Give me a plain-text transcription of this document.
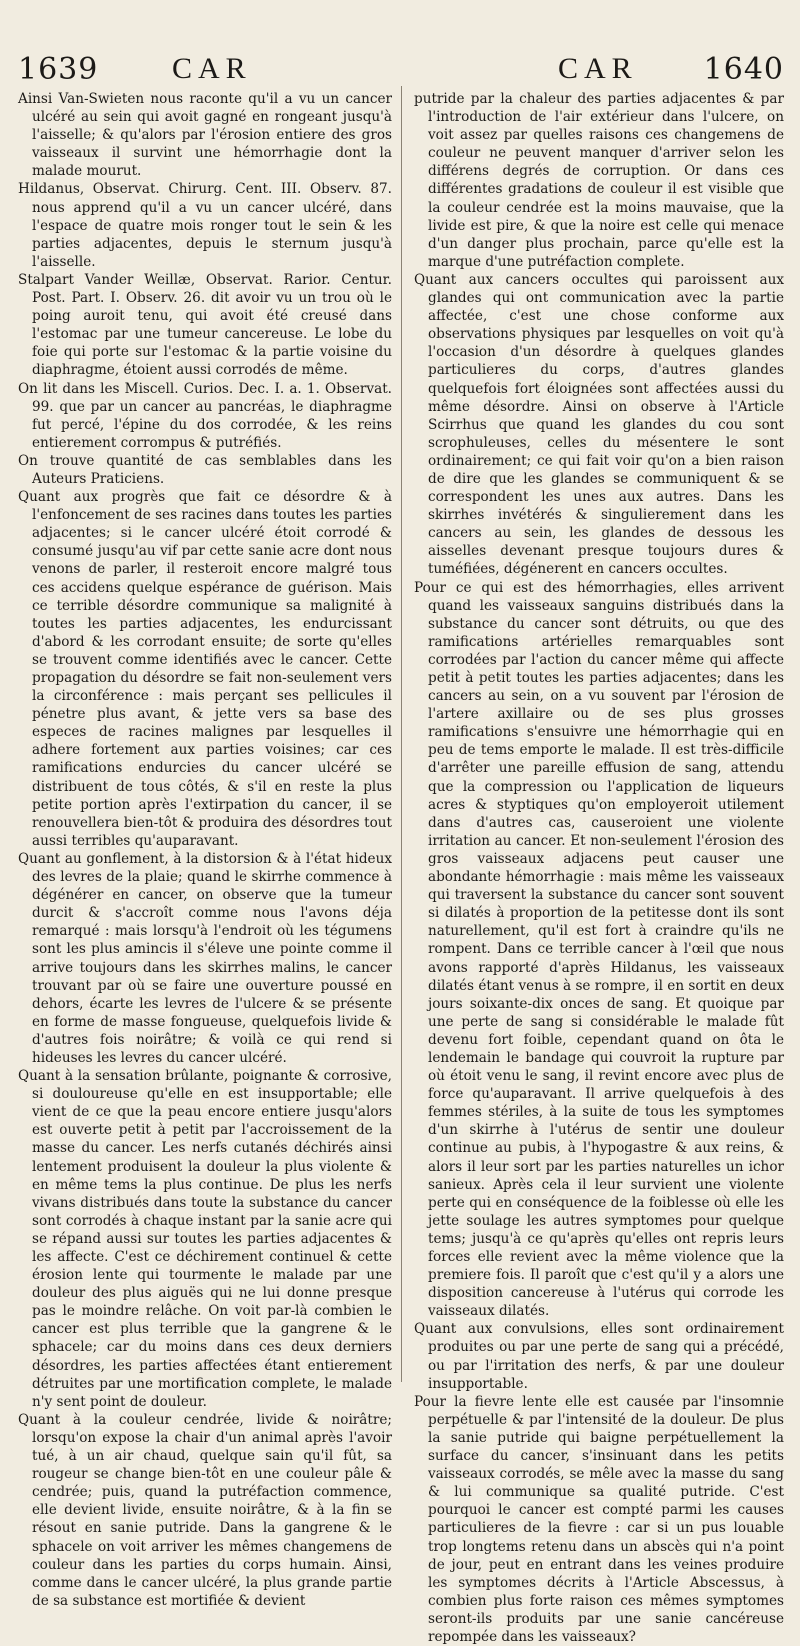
1639 CAR	CAR 1640

Ainsi Van-Swieten nous raconte qu'il a vu un cancer ulcéré au sein qui avoit gagné en rongeant jusqu'à l'aisselle; & qu'alors par l'érosion entiere des gros vaisseaux il survint une hémorrhagie dont la malade mourut.

Hildanus, Observat. Chirurg. Cent. III. Observ. 87. nous apprend qu'il a vu un cancer ulcéré, dans l'espace de quatre mois ronger tout le sein & les parties adjacentes, depuis le sternum jusqu'à l'aisselle.

Stalpart Vander Weillæ, Observat. Rarior. Centur. Post. Part. I. Observ. 26. dit avoir vu un trou où le poing auroit tenu, qui avoit été creusé dans l'estomac par une tumeur cancereuse. Le lobe du foie qui porte sur l'estomac & la partie voisine du diaphragme, étoient aussi corrodés de même.

On lit dans les Miscell. Curios. Dec. I. a. 1. Observat. 99. que par un cancer au pancréas, le diaphragme fut percé, l'épine du dos corrodée, & les reins entierement corrompus & putréfiés.

On trouve quantité de cas semblables dans les Auteurs Praticiens.

Quant aux progrès que fait ce désordre & à l'enfoncement de ses racines dans toutes les parties adjacentes; si le cancer ulcéré étoit corrodé & consumé jusqu'au vif par cette sanie acre dont nous venons de parler, il resteroit encore malgré tous ces accidens quelque espérance de guérison. Mais ce terrible désordre communique sa malignité à toutes les parties adjacentes, les endurcissant d'abord & les corrodant ensuite; de sorte qu'elles se trouvent comme identifiés avec le cancer. Cette propagation du désordre se fait non-seulement vers la circonférence : mais perçant ses pellicules il pénetre plus avant, & jette vers sa base des especes de racines malignes par lesquelles il adhere fortement aux parties voisines; car ces ramifications endurcies du cancer ulcéré se distribuent de tous côtés, & s'il en reste la plus petite portion après l'extirpation du cancer, il se renouvellera bien-tôt & produira des désordres tout aussi terribles qu'auparavant.

Quant au gonflement, à la distorsion & à l'état hideux des levres de la plaie; quand le skirrhe commence à dégénérer en cancer, on observe que la tumeur durcit & s'accroît comme nous l'avons déja remarqué : mais lorsqu'à l'endroit où les tégumens sont les plus amincis il s'éleve une pointe comme il arrive toujours dans les skirrhes malins, le cancer trouvant par où se faire une ouverture poussé en dehors, écarte les levres de l'ulcere & se présente en forme de masse fongueuse, quelquefois livide & d'autres fois noirâtre; & voilà ce qui rend si hideuses les levres du cancer ulcéré.

Quant à la sensation brûlante, poignante & corrosive, si douloureuse qu'elle en est insupportable; elle vient de ce que la peau encore entiere jusqu'alors est ouverte petit à petit par l'accroissement de la masse du cancer. Les nerfs cutanés déchirés ainsi lentement produisent la douleur la plus violente & en même tems la plus continue. De plus les nerfs vivans distribués dans toute la substance du cancer sont corrodés à chaque instant par la sanie acre qui se répand aussi sur toutes les parties adjacentes & les affecte. C'est ce déchirement continuel & cette érosion lente qui tourmente le malade par une douleur des plus aiguës qui ne lui donne presque pas le moindre relâche. On voit par-là combien le cancer est plus terrible que la gangrene & le sphacele; car du moins dans ces deux derniers désordres, les parties affectées étant entierement détruites par une mortification complete, le malade n'y sent point de douleur.

Quant à la couleur cendrée, livide & noirâtre; lorsqu'on expose la chair d'un animal après l'avoir tué, à un air chaud, quelque sain qu'il fût, sa rougeur se change bien-tôt en une couleur pâle & cendrée; puis, quand la putréfaction commence, elle devient livide, ensuite noirâtre, & à la fin se résout en sanie putride. Dans la gangrene & le sphacele on voit arriver les mêmes changemens de couleur dans les parties du corps humain. Ainsi, comme dans le cancer ulcéré, la plus grande partie de sa substance est mortifiée & devient

putride par la chaleur des parties adjacentes & par l'introduction de l'air extérieur dans l'ulcere, on voit assez par quelles raisons ces changemens de couleur ne peuvent manquer d'arriver selon les différens degrés de corruption. Or dans ces différentes gradations de couleur il est visible que la couleur cendrée est la moins mauvaise, que la livide est pire, & que la noire est celle qui menace d'un danger plus prochain, parce qu'elle est la marque d'une putréfaction complete.

Quant aux cancers occultes qui paroissent aux glandes qui ont communication avec la partie affectée, c'est une chose conforme aux observations physiques par lesquelles on voit qu'à l'occasion d'un désordre à quelques glandes particulieres du corps, d'autres glandes quelquefois fort éloignées sont affectées aussi du même désordre. Ainsi on observe à l'Article Scirrhus que quand les glandes du cou sont scrophuleuses, celles du mésentere le sont ordinairement; ce qui fait voir qu'on a bien raison de dire que les glandes se communiquent & se correspondent les unes aux autres. Dans les skirrhes invétérés & singulierement dans les cancers au sein, les glandes de dessous les aisselles devenant presque toujours dures & tuméfiées, dégénerent en cancers occultes.

Pour ce qui est des hémorrhagies, elles arrivent quand les vaisseaux sanguins distribués dans la substance du cancer sont détruits, ou que des ramifications artérielles remarquables sont corrodées par l'action du cancer même qui affecte petit à petit toutes les parties adjacentes; dans les cancers au sein, on a vu souvent par l'érosion de l'artere axillaire ou de ses plus grosses ramifications s'ensuivre une hémorrhagie qui en peu de tems emporte le malade. Il est très-difficile d'arrêter une pareille effusion de sang, attendu que la compression ou l'application de liqueurs acres & styptiques qu'on employeroit utilement dans d'autres cas, causeroient une violente irritation au cancer. Et non-seulement l'érosion des gros vaisseaux adjacens peut causer une abondante hémorrhagie : mais même les vaisseaux qui traversent la substance du cancer sont souvent si dilatés à proportion de la petitesse dont ils sont naturellement, qu'il est fort à craindre qu'ils ne rompent. Dans ce terrible cancer à l'œil que nous avons rapporté d'après Hildanus, les vaisseaux dilatés étant venus à se rompre, il en sortit en deux jours soixante-dix onces de sang. Et quoique par une perte de sang si considérable le malade fût devenu fort foible, cependant quand on ôta le lendemain le bandage qui couvroit la rupture par où étoit venu le sang, il revint encore avec plus de force qu'auparavant. Il arrive quelquefois à des femmes stériles, à la suite de tous les symptomes d'un skirrhe à l'utérus de sentir une douleur continue au pubis, à l'hypogastre & aux reins, & alors il leur sort par les parties naturelles un ichor sanieux. Après cela il leur survient une violente perte qui en conséquence de la foiblesse où elle les jette soulage les autres symptomes pour quelque tems; jusqu'à ce qu'après qu'elles ont repris leurs forces elle revient avec la même violence que la premiere fois. Il paroît que c'est qu'il y a alors une disposition cancereuse à l'utérus qui corrode les vaisseaux dilatés.

Quant aux convulsions, elles sont ordinairement produites ou par une perte de sang qui a précédé, ou par l'irritation des nerfs, & par une douleur insupportable.

Pour la fievre lente elle est causée par l'insomnie perpétuelle & par l'intensité de la douleur. De plus la sanie putride qui baigne perpétuellement la surface du cancer, s'insinuant dans les petits vaisseaux corrodés, se mêle avec la masse du sang & lui communique sa qualité putride. C'est pourquoi le cancer est compté parmi les causes particulieres de la fievre : car si un pus louable trop longtems retenu dans un abscès qui n'a point de jour, peut en entrant dans les veines produire les symptomes décrits à l'Article Abscessus, à combien plus forte raison ces mêmes symptomes seront-ils produits par une sanie cancéreuse repompée dans les vaisseaux?
